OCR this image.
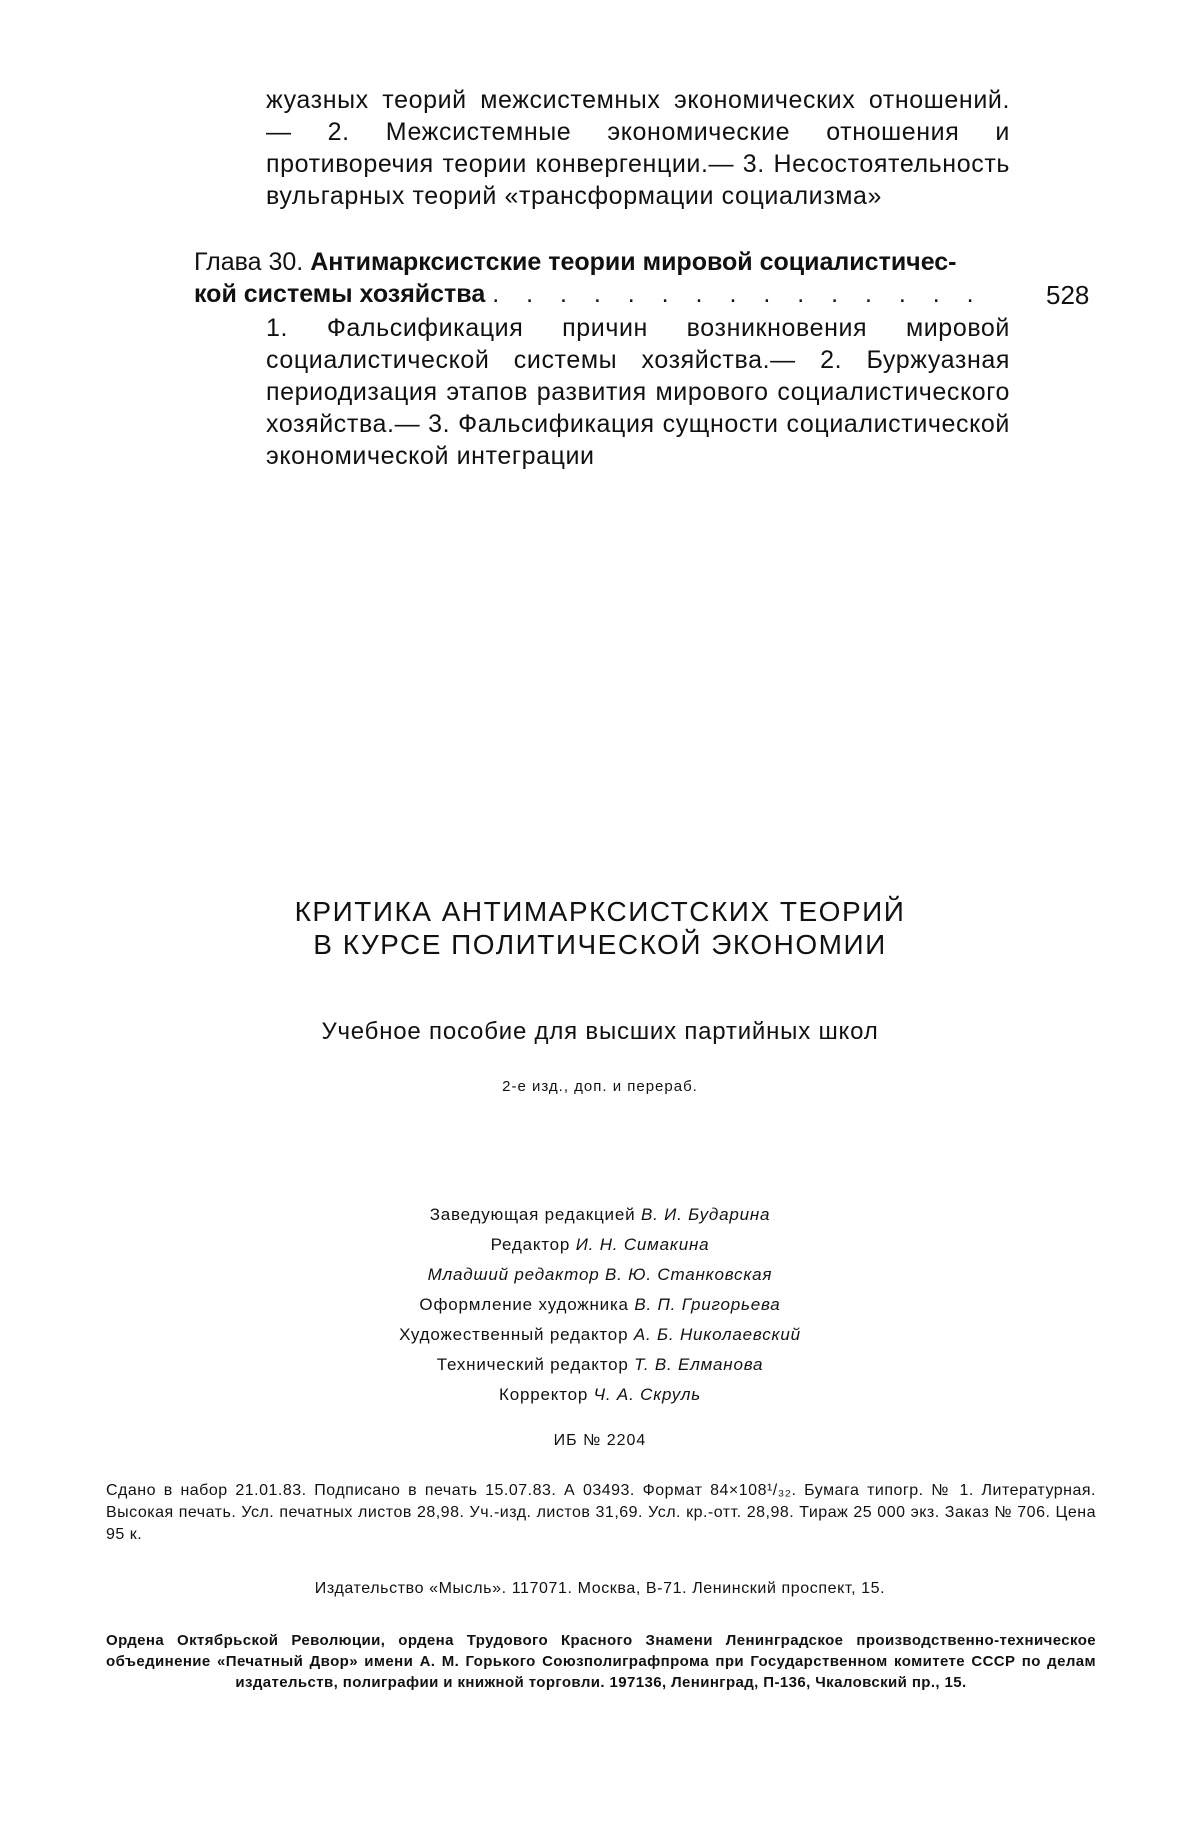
жуазных теорий межсистемных экономических отношений.— 2. Межсистемные экономические отношения и противоречия теории конвергенции.— 3. Несостоятельность вульгарных теорий «трансформации социализма»

Глава 30. Антимарксистские теории мировой социалистичес-
кой системы хозяйства . . . . . . . . . . . . . . .	528

1. Фальсификация причин возникновения мировой социалистической системы хозяйства.— 2. Буржуазная периодизация этапов развития мирового социалистического хозяйства.— 3. Фальсификация сущности социалистической экономической интеграции

КРИТИКА АНТИМАРКСИСТСКИХ ТЕОРИЙ
В КУРСЕ ПОЛИТИЧЕСКОЙ ЭКОНОМИИ
Учебное пособие для высших партийных школ
2-е изд., доп. и перераб.
Заведующая редакцией В. И. Бударина
Редактор И. Н. Симакина
Младший редактор В. Ю. Станковская
Оформление художника В. П. Григорьева
Художественный редактор А. Б. Николаевский
Технический редактор Т. В. Елманова
Корректор Ч. А. Скруль
ИБ № 2204
Сдано в набор 21.01.83. Подписано в печать 15.07.83. А 03493. Формат 84×108¹/₃₂. Бумага типогр. № 1. Литературная. Высокая печать. Усл. печатных листов 28,98. Уч.-изд. листов 31,69. Усл. кр.-отт. 28,98. Тираж 25 000 экз. Заказ № 706. Цена 95 к.
Издательство «Мысль». 117071. Москва, В-71. Ленинский проспект, 15.
Ордена Октябрьской Революции, ордена Трудового Красного Знамени Ленинградское производственно-техническое объединение «Печатный Двор» имени А. М. Горького Союзполиграфпрома при Государственном комитете СССР по делам издательств, полиграфии и книжной торговли. 197136, Ленинград, П-136, Чкаловский пр., 15.
